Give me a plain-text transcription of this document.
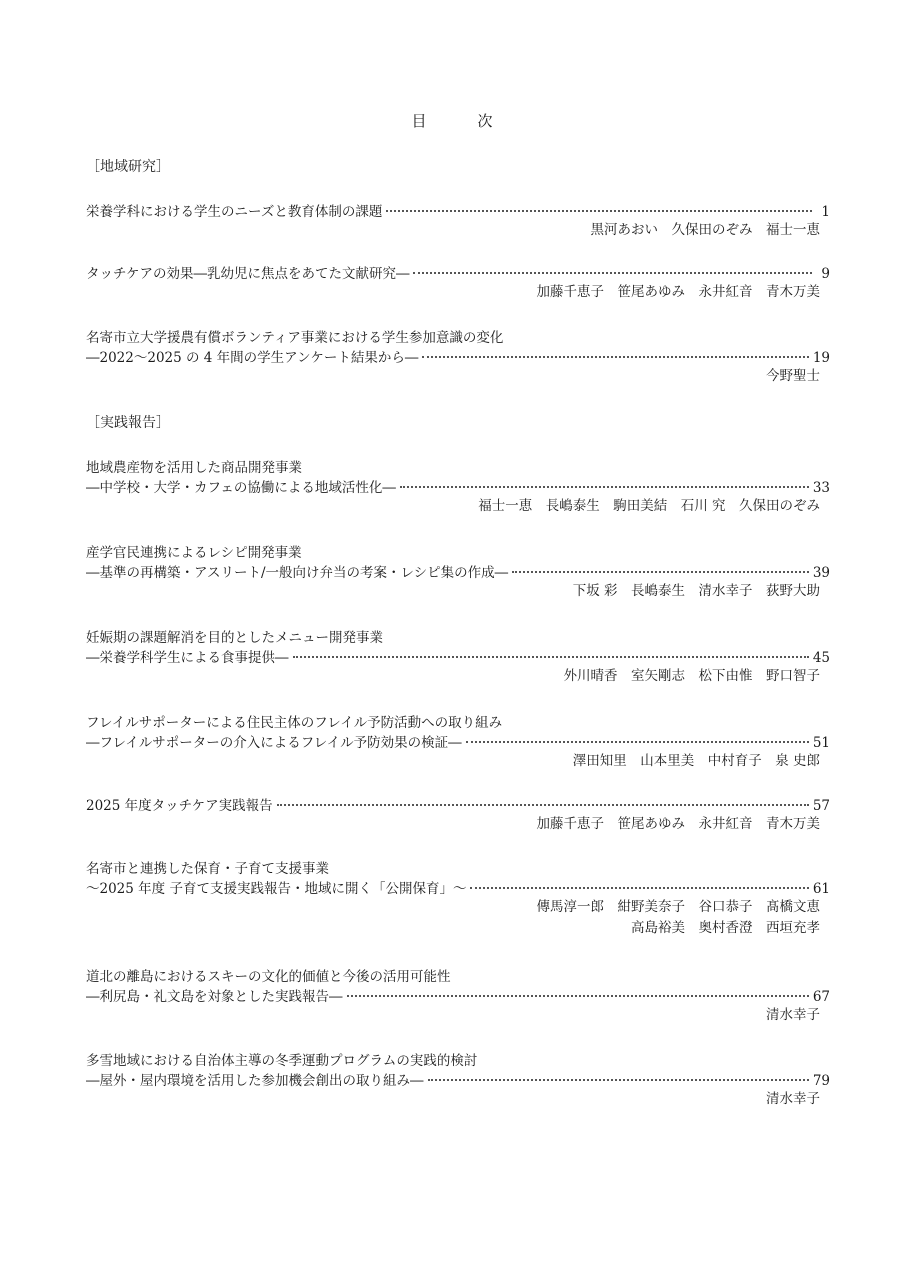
目	次
［地域研究］
栄養学科における学生のニーズと教育体制の課題	1
黒河あおい　久保田のぞみ　福士一恵
タッチケアの効果―乳幼児に焦点をあてた文献研究―	9
加藤千恵子　笹尾あゆみ　永井紅音　青木万美
名寄市立大学援農有償ボランティア事業における学生参加意識の変化
―2022～2025 の 4 年間の学生アンケート結果から―	19
今野聖士
［実践報告］
地域農産物を活用した商品開発事業
―中学校・大学・カフェの協働による地域活性化―	33
福士一恵　長嶋泰生　駒田美結　石川 究　久保田のぞみ
産学官民連携によるレシピ開発事業
―基準の再構築・アスリート/一般向け弁当の考案・レシピ集の作成―	39
下坂 彩　長嶋泰生　清水幸子　荻野大助
妊娠期の課題解消を目的としたメニュー開発事業
―栄養学科学生による食事提供―	45
外川晴香　室矢剛志　松下由惟　野口智子
フレイルサポーターによる住民主体のフレイル予防活動への取り組み
―フレイルサポーターの介入によるフレイル予防効果の検証―	51
澤田知里　山本里美　中村育子　泉 史郎
2025 年度タッチケア実践報告	57
加藤千恵子　笹尾あゆみ　永井紅音　青木万美
名寄市と連携した保育・子育て支援事業
～2025 年度 子育て支援実践報告・地域に開く「公開保育」～	61
傳馬淳一郎　紺野美奈子　谷口恭子　髙橋文恵
高島裕美　奥村香澄　西垣充孝
道北の離島におけるスキーの文化的価値と今後の活用可能性
―利尻島・礼文島を対象とした実践報告―	67
清水幸子
多雪地域における自治体主導の冬季運動プログラムの実践的検討
―屋外・屋内環境を活用した参加機会創出の取り組み―	79
清水幸子
